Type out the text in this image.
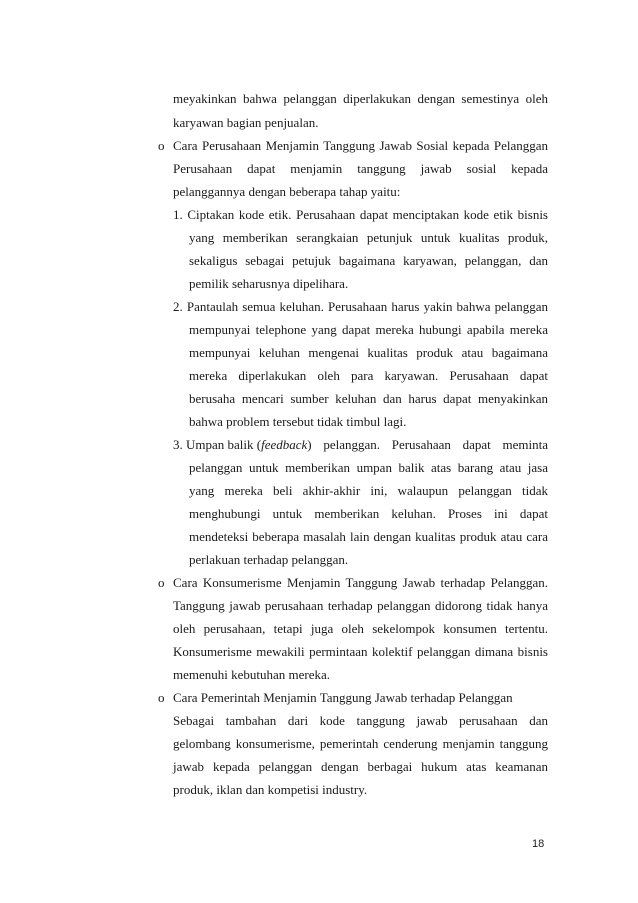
meyakinkan bahwa pelanggan diperlakukan dengan semestinya oleh
karyawan bagian penjualan.
o Cara Perusahaan Menjamin Tanggung Jawab Sosial kepada Pelanggan
Perusahaan dapat menjamin tanggung jawab sosial kepada
pelanggannya dengan beberapa tahap yaitu:
1. Ciptakan kode etik. Perusahaan dapat menciptakan kode etik bisnis
yang memberikan serangkaian petunjuk untuk kualitas produk,
sekaligus sebagai petujuk bagaimana karyawan, pelanggan, dan
pemilik seharusnya dipelihara.
2. Pantaulah semua keluhan. Perusahaan harus yakin bahwa pelanggan
mempunyai telephone yang dapat mereka hubungi apabila mereka
mempunyai keluhan mengenai kualitas produk atau bagaimana
mereka diperlakukan oleh para karyawan. Perusahaan dapat
berusaha mencari sumber keluhan dan harus dapat menyakinkan
bahwa problem tersebut tidak timbul lagi.
3. Umpan balik (feedback ) pelanggan. Perusahaan dapat meminta
pelanggan untuk memberikan umpan balik atas barang atau jasa
yang mereka beli akhir-akhir ini, walaupun pelanggan tidak
menghubungi untuk memberikan keluhan. Proses ini dapat
mendeteksi beberapa masalah lain dengan kualitas produk atau cara
perlakuan terhadap pelanggan.
o Cara Konsumerisme Menjamin Tanggung Jawab terhadap Pelanggan.
Tanggung jawab perusahaan terhadap pelanggan didorong tidak hanya
oleh perusahaan, tetapi juga oleh sekelompok konsumen tertentu.
Konsumerisme mewakili permintaan kolektif pelanggan dimana bisnis
memenuhi kebutuhan mereka.
o Cara Pemerintah Menjamin Tanggung Jawab terhadap Pelanggan
Sebagai tambahan dari kode tanggung jawab perusahaan dan
gelombang konsumerisme, pemerintah cenderung menjamin tanggung
jawab kepada pelanggan dengan berbagai hukum atas keamanan
produk, iklan dan kompetisi industry.
18
